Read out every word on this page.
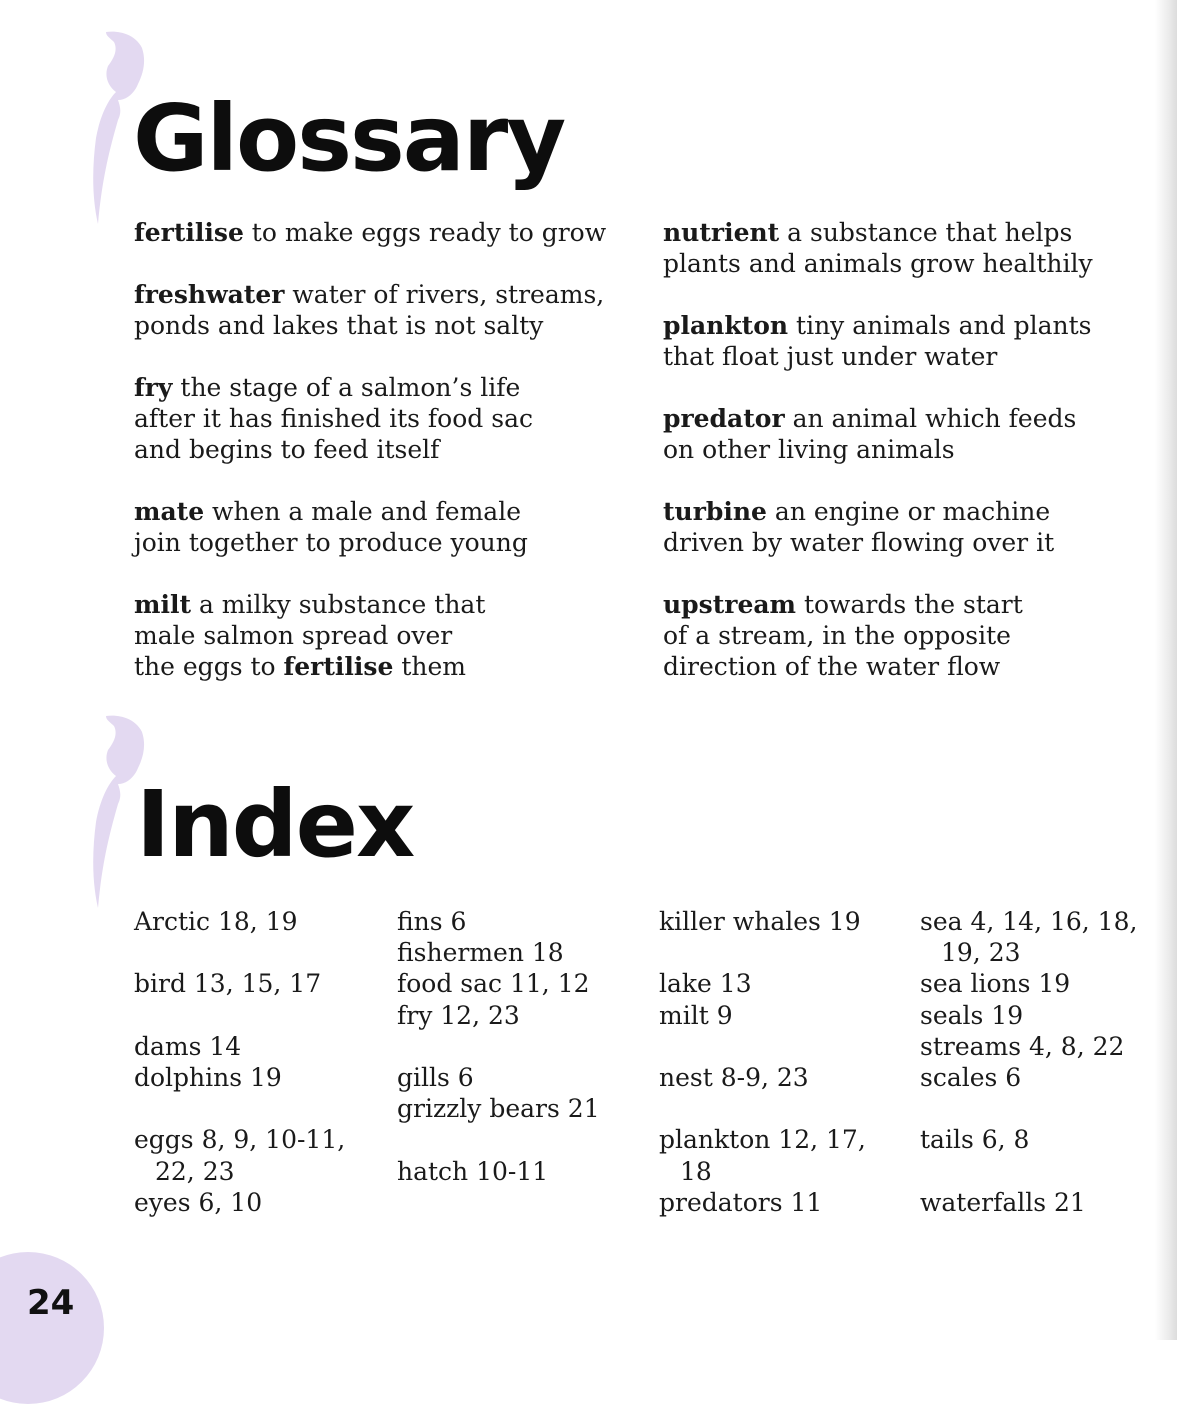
Glossary

fertilise to make eggs ready to grow

freshwater water of rivers, streams,
ponds and lakes that is not salty

fry the stage of a salmon’s life
after it has finished its food sac
and begins to feed itself

mate when a male and female
join together to produce young

milt a milky substance that
male salmon spread over
the eggs to fertilise them

nutrient a substance that helps
plants and animals grow healthily

plankton tiny animals and plants
that float just under water

predator an animal which feeds
on other living animals

turbine an engine or machine
driven by water flowing over it

upstream towards the start
of a stream, in the opposite
direction of the water flow

Index
Arctic 18, 19
bird 13, 15, 17
dams 14
dolphins 19
eggs 8, 9, 10-11,
22, 23
eyes 6, 10
fins 6
fishermen 18
food sac 11, 12
fry 12, 23
gills 6
grizzly bears 21
hatch 10-11
killer whales 19
lake 13
milt 9
nest 8-9, 23
plankton 12, 17,
18
predators 11
sea 4, 14, 16, 18,
19, 23
sea lions 19
seals 19
streams 4, 8, 22
scales 6
tails 6, 8
waterfalls 21
24
